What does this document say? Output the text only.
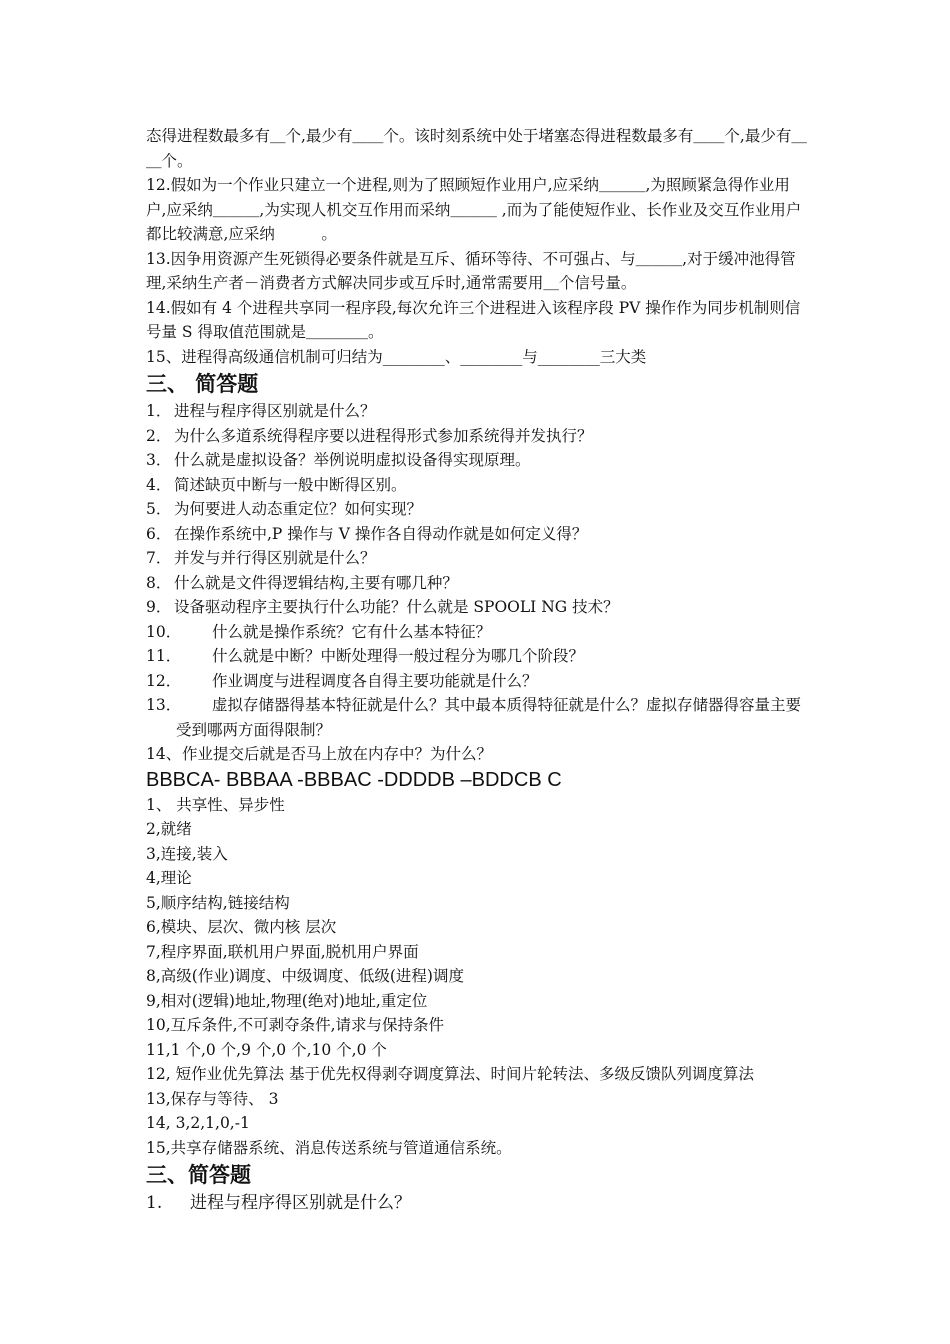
态得进程数最多有＿个,最少有＿＿个。该时刻系统中处于堵塞态得进程数最多有＿＿个,最少有＿＿个。

12.假如为一个作业只建立一个进程,则为了照顾短作业用户,应采纳＿＿＿,为照顾紧急得作业用户,应采纳＿＿＿,为实现人机交互作用而采纳＿＿＿ ,而为了能使短作业、长作业及交互作业用户都比较满意,应采纳　　　。

13.因争用资源产生死锁得必要条件就是互斥、循环等待、不可强占、与＿＿＿,对于缓冲池得管理,采纳生产者－消费者方式解决同步或互斥时,通常需要用＿个信号量。

14.假如有 4 个进程共享同一程序段,每次允许三个进程进入该程序段 PV 操作作为同步机制则信号量 S 得取值范围就是＿＿＿＿。

15、进程得高级通信机制可归结为________、________与________三大类

三、 简答题

1． 进程与程序得区别就是什么？
2． 为什么多道系统得程序要以进程得形式参加系统得并发执行？
3． 什么就是虚拟设备？举例说明虚拟设备得实现原理。
4． 简述缺页中断与一般中断得区别。
5． 为何要进人动态重定位？如何实现？
6． 在操作系统中,P 操作与 V 操作各自得动作就是如何定义得？
7． 并发与并行得区别就是什么？
8． 什么就是文件得逻辑结构,主要有哪几种？
9． 设备驱动程序主要执行什么功能？什么就是 SPOOLI NG 技术？
10．	什么就是操作系统？它有什么基本特征？
11．	什么就是中断？中断处理得一般过程分为哪几个阶段？
12．	作业调度与进程调度各自得主要功能就是什么？
13． 虚拟存储器得基本特征就是什么？其中最本质得特征就是什么？虚拟存储器得容量主要受到哪两方面得限制？
14、 作业提交后就是否马上放在内存中？为什么？

BBBCA- BBBAA -BBBAC -DDDDB –BDDCB C

1、 共享性、异步性

2,就绪

3,连接,装入

4,理论

5,顺序结构,链接结构

6,模块、层次、微内核 层次

7,程序界面,联机用户界面,脱机用户界面

8,高级(作业)调度、中级调度、低级(进程)调度

9,相对(逻辑)地址,物理(绝对)地址,重定位

10,互斥条件,不可剥夺条件,请求与保持条件

11,1 个,0 个,9 个,0 个,10 个,0 个

12, 短作业优先算法 基于优先权得剥夺调度算法、时间片轮转法、多级反馈队列调度算法

13,保存与等待、 3

14, 3,2,1,0,-1

15,共享存储器系统、消息传送系统与管道通信系统。

三、简答题

1.	进程与程序得区别就是什么？
